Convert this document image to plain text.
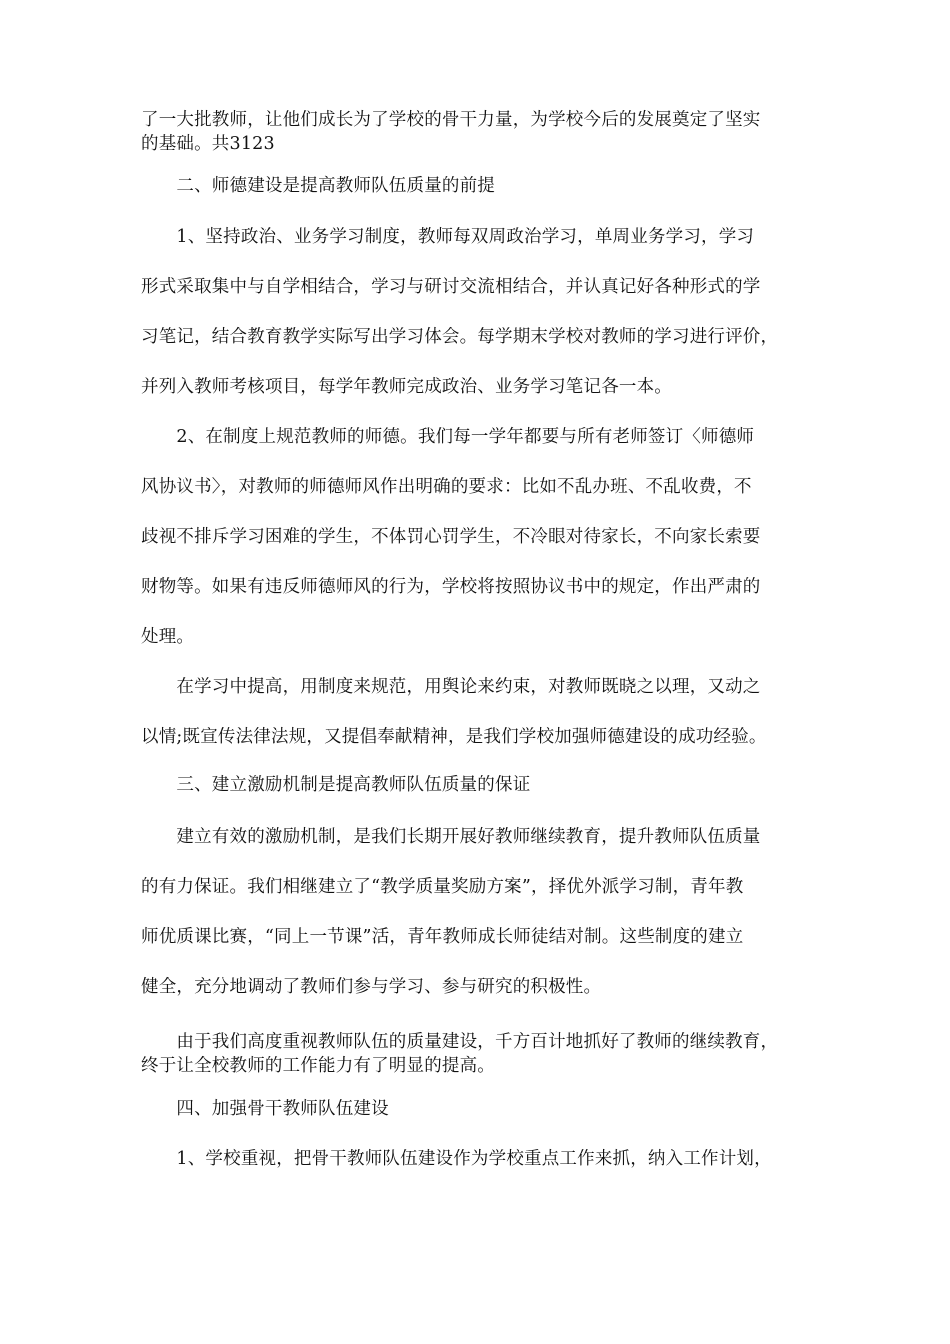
了一大批教师，让他们成长为了学校的骨干力量，为学校今后的发展奠定了坚实
的基础。共3123
　　二、师德建设是提高教师队伍质量的前提
　　1、坚持政治、业务学习制度，教师每双周政治学习，单周业务学习，学习
形式采取集中与自学相结合，学习与研讨交流相结合，并认真记好各种形式的学
习笔记，结合教育教学实际写出学习体会。每学期末学校对教师的学习进行评价，
并列入教师考核项目，每学年教师完成政治、业务学习笔记各一本。
　　2、在制度上规范教师的师德。我们每一学年都要与所有老师签订〈师德师
风协议书〉，对教师的师德师风作出明确的要求：比如不乱办班、不乱收费，不
歧视不排斥学习困难的学生，不体罚心罚学生，不冷眼对待家长，不向家长索要
财物等。如果有违反师德师风的行为，学校将按照协议书中的规定，作出严肃的
处理。
　　在学习中提高，用制度来规范，用舆论来约束，对教师既晓之以理，又动之
以情;既宣传法律法规，又提倡奉献精神，是我们学校加强师德建设的成功经验。
　　三、建立激励机制是提高教师队伍质量的保证
　　建立有效的激励机制，是我们长期开展好教师继续教育，提升教师队伍质量
的有力保证。我们相继建立了“教学质量奖励方案”，择优外派学习制，青年教
师优质课比赛，“同上一节课”活，青年教师成长师徒结对制。这些制度的建立
健全，充分地调动了教师们参与学习、参与研究的积极性。
　　由于我们高度重视教师队伍的质量建设，千方百计地抓好了教师的继续教育，
终于让全校教师的工作能力有了明显的提高。
　　四、加强骨干教师队伍建设
　　1、学校重视，把骨干教师队伍建设作为学校重点工作来抓，纳入工作计划，
